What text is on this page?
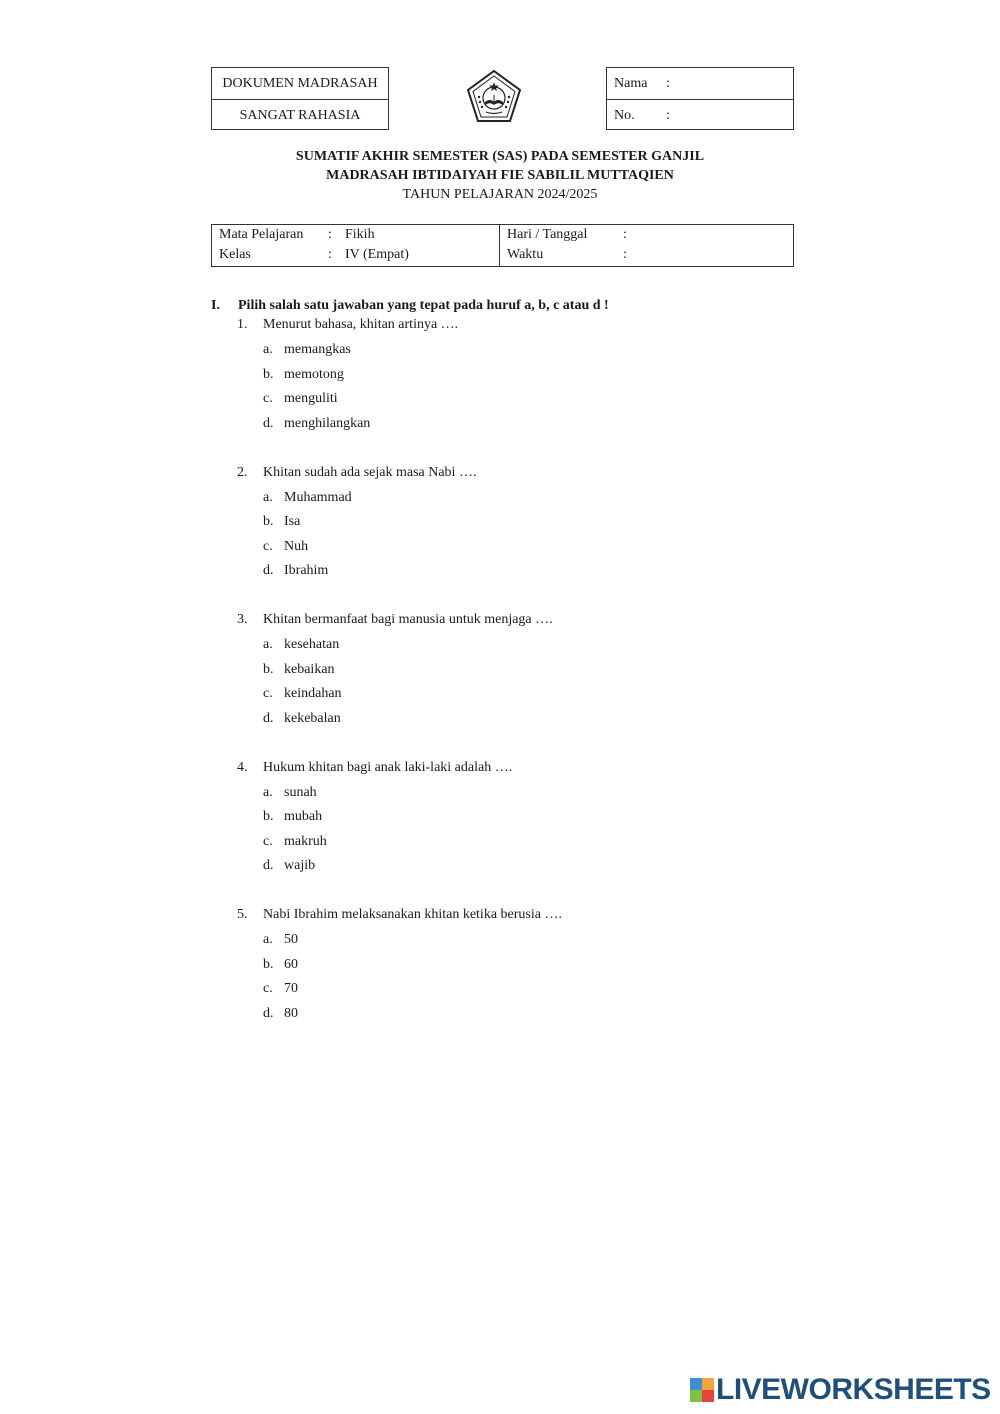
DOKUMEN MADRASAH
SANGAT RAHASIA
Nama	:
No.	:
SUMATIF AKHIR SEMESTER (SAS) PADA SEMESTER GANJIL
MADRASAH IBTIDAIYAH FIE SABILIL MUTTAQIEN
TAHUN PELAJARAN 2024/2025
Mata Pelajaran : Fikih
Kelas	: IV (Empat)
Hari / Tanggal	:
Waktu	:
I. Pilih salah satu jawaban yang tepat pada huruf a, b, c atau d !
1. Menurut bahasa, khitan artinya ….
a. memangkas
b. memotong
c. menguliti
d. menghilangkan
2. Khitan sudah ada sejak masa Nabi ….
a. Muhammad
b. Isa
c. Nuh
d. Ibrahim
3. Khitan bermanfaat bagi manusia untuk menjaga ….
a. kesehatan
b. kebaikan
c. keindahan
d. kekebalan
4. Hukum khitan bagi anak laki-laki adalah ….
a. sunah
b. mubah
c. makruh
d. wajib
5. Nabi Ibrahim melaksanakan khitan ketika berusia ….
a. 50
b. 60
c. 70
d. 80
LIVEWORKSHEETS
